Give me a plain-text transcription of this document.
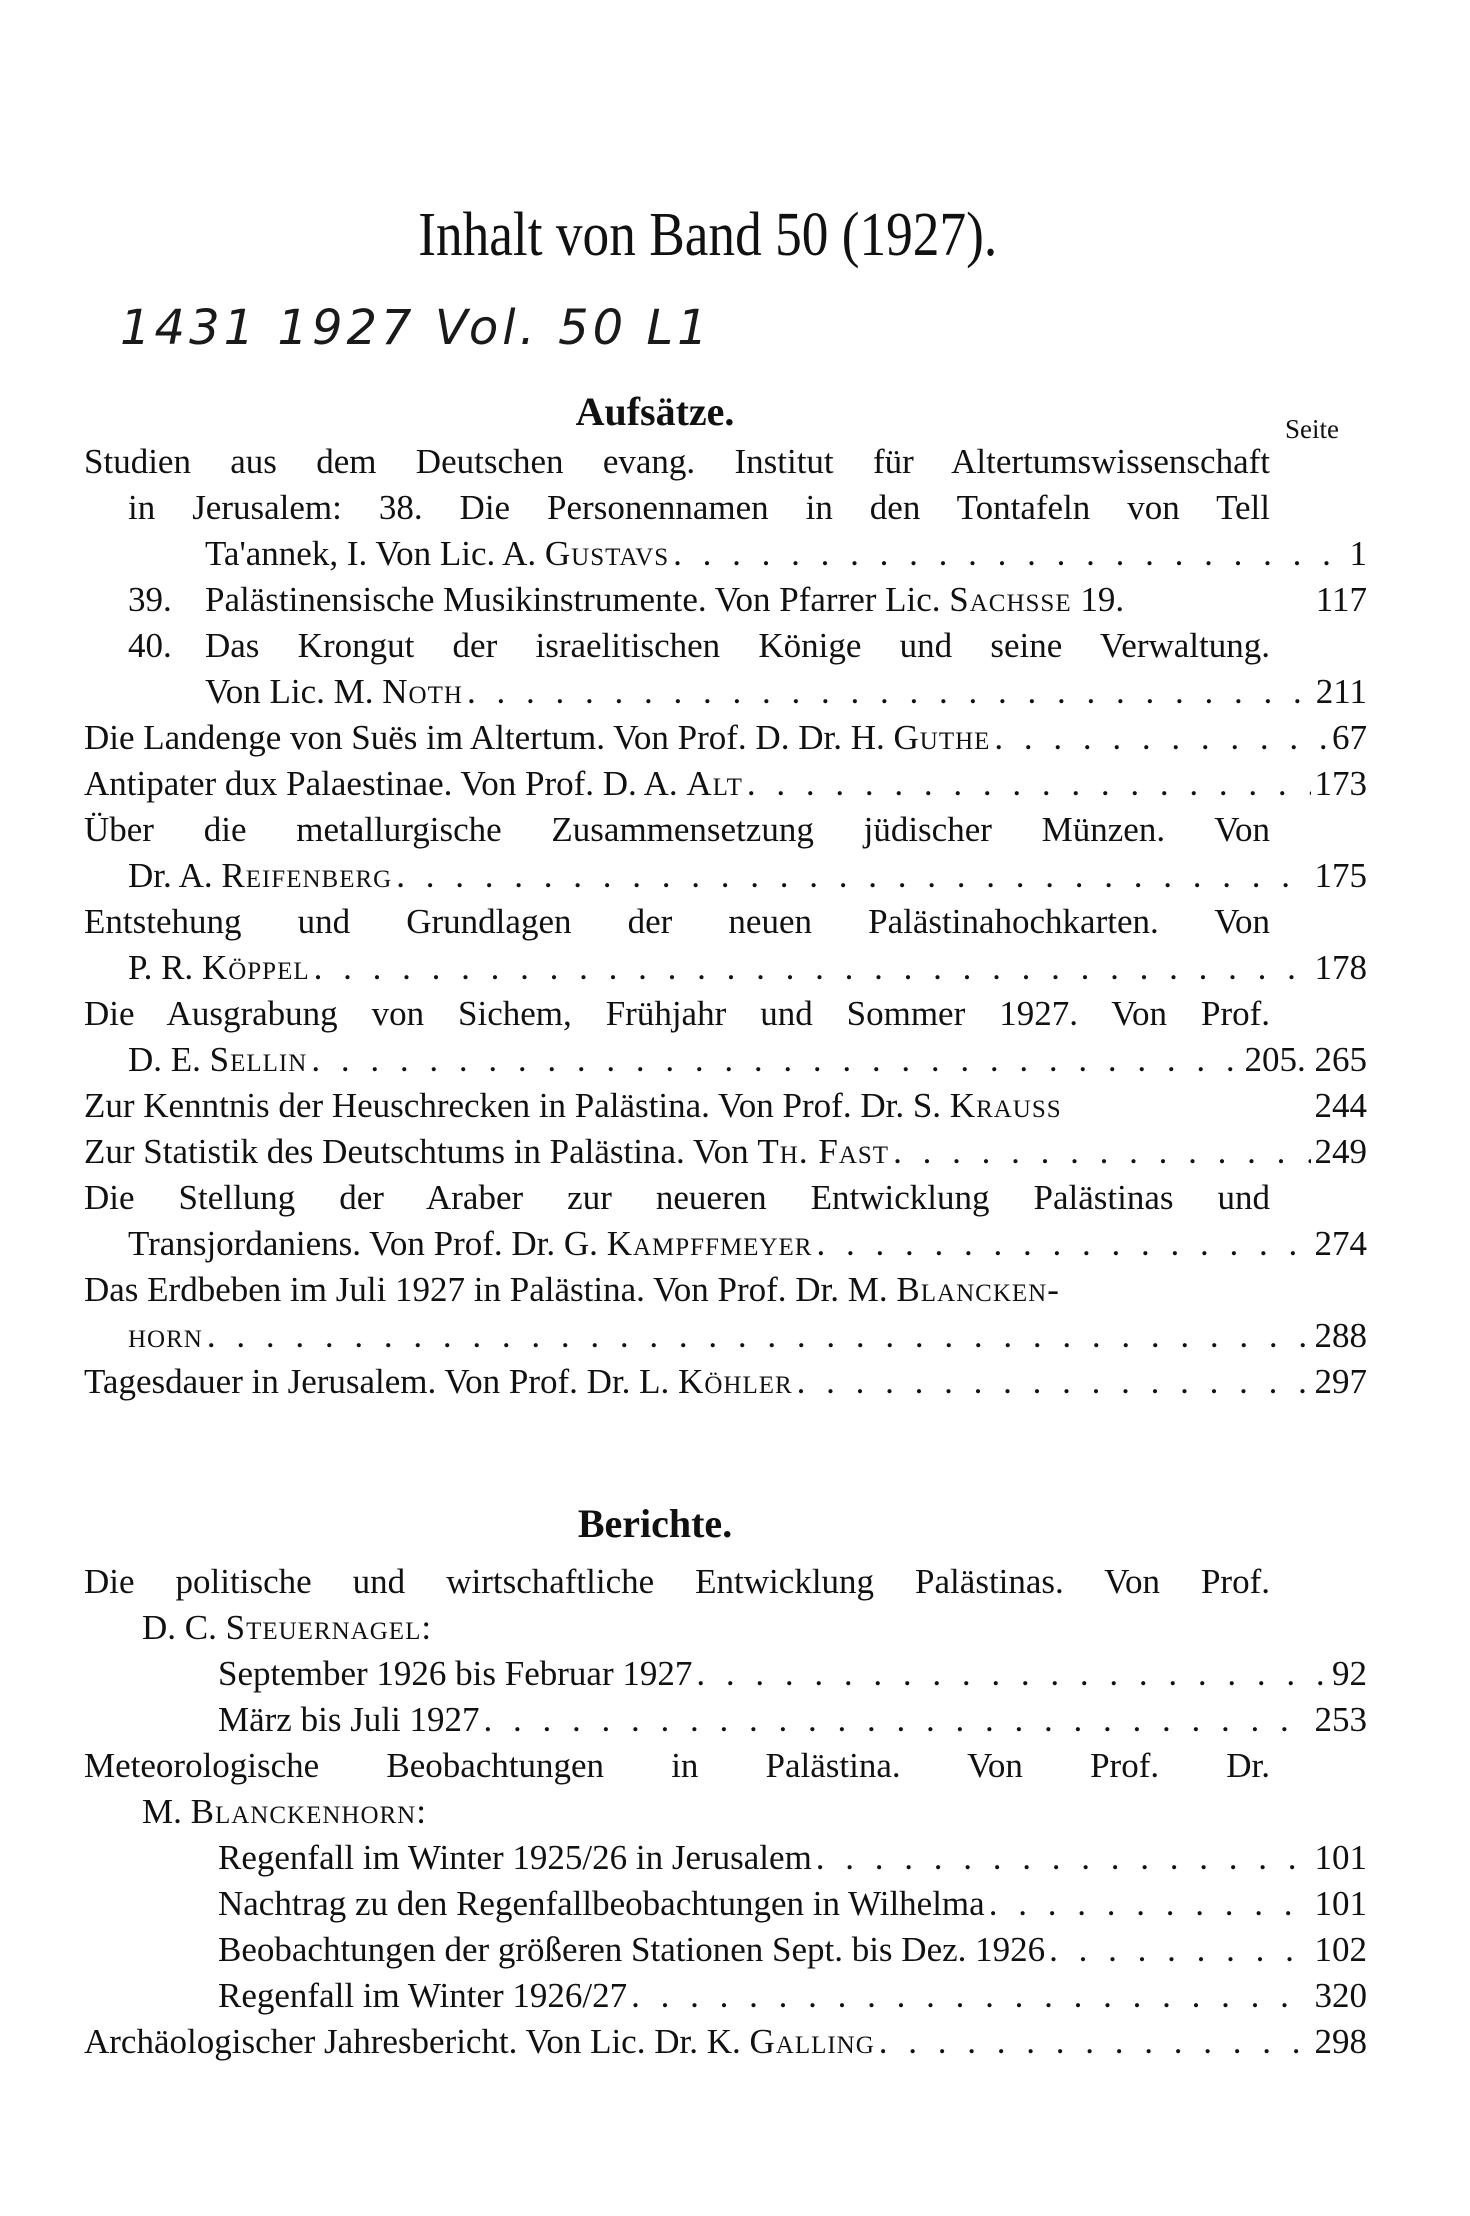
Inhalt von Band 50 (1927).
1431 1927 Vol. 50 L1
Aufsätze.	Seite
Studien aus dem Deutschen evang. Institut für Altertumswissenschaft
in Jerusalem: 38. Die Personennamen in den Tontafeln von Tell
Ta'annek, I. Von Lic. A. Gustavs . . .	1
39. Palästinensische Musikinstrumente. Von Pfarrer Lic. Sachsse 19.	117
40. Das Krongut der israelitischen Könige und seine Verwaltung.
Von Lic. M. Noth . . .	211
Die Landenge von Suës im Altertum. Von Prof. D. Dr. H. Guthe . . .	67
Antipater dux Palaestinae. Von Prof. D. A. Alt . . .	173
Über die metallurgische Zusammensetzung jüdischer Münzen. Von
Dr. A. Reifenberg . . .	175
Entstehung und Grundlagen der neuen Palästinahochkarten. Von
P. R. Köppel . . .	178
Die Ausgrabung von Sichem, Frühjahr und Sommer 1927. Von Prof.
D. E. Sellin . . .	205. 265
Zur Kenntnis der Heuschrecken in Palästina. Von Prof. Dr. S. Krauss	244
Zur Statistik des Deutschtums in Palästina. Von Th. Fast . . .	249
Die Stellung der Araber zur neueren Entwicklung Palästinas und
Transjordaniens. Von Prof. Dr. G. Kampffmeyer . . .	274
Das Erdbeben im Juli 1927 in Palästina. Von Prof. Dr. M. Blancken-
horn . . .	288
Tagesdauer in Jerusalem. Von Prof. Dr. L. Köhler . . .	297
Berichte.
Die politische und wirtschaftliche Entwicklung Palästinas. Von Prof.
D. C. Steuernagel:
September 1926 bis Februar 1927 . . .	92
März bis Juli 1927 . . .	253
Meteorologische Beobachtungen in Palästina. Von Prof. Dr.
M. Blanckenhorn:
Regenfall im Winter 1925/26 in Jerusalem . . .	101
Nachtrag zu den Regenfallbeobachtungen in Wilhelma . . .	101
Beobachtungen der größeren Stationen Sept. bis Dez. 1926 . . .	102
Regenfall im Winter 1926/27 . . .	320
Archäologischer Jahresbericht. Von Lic. Dr. K. Galling . . .	298
